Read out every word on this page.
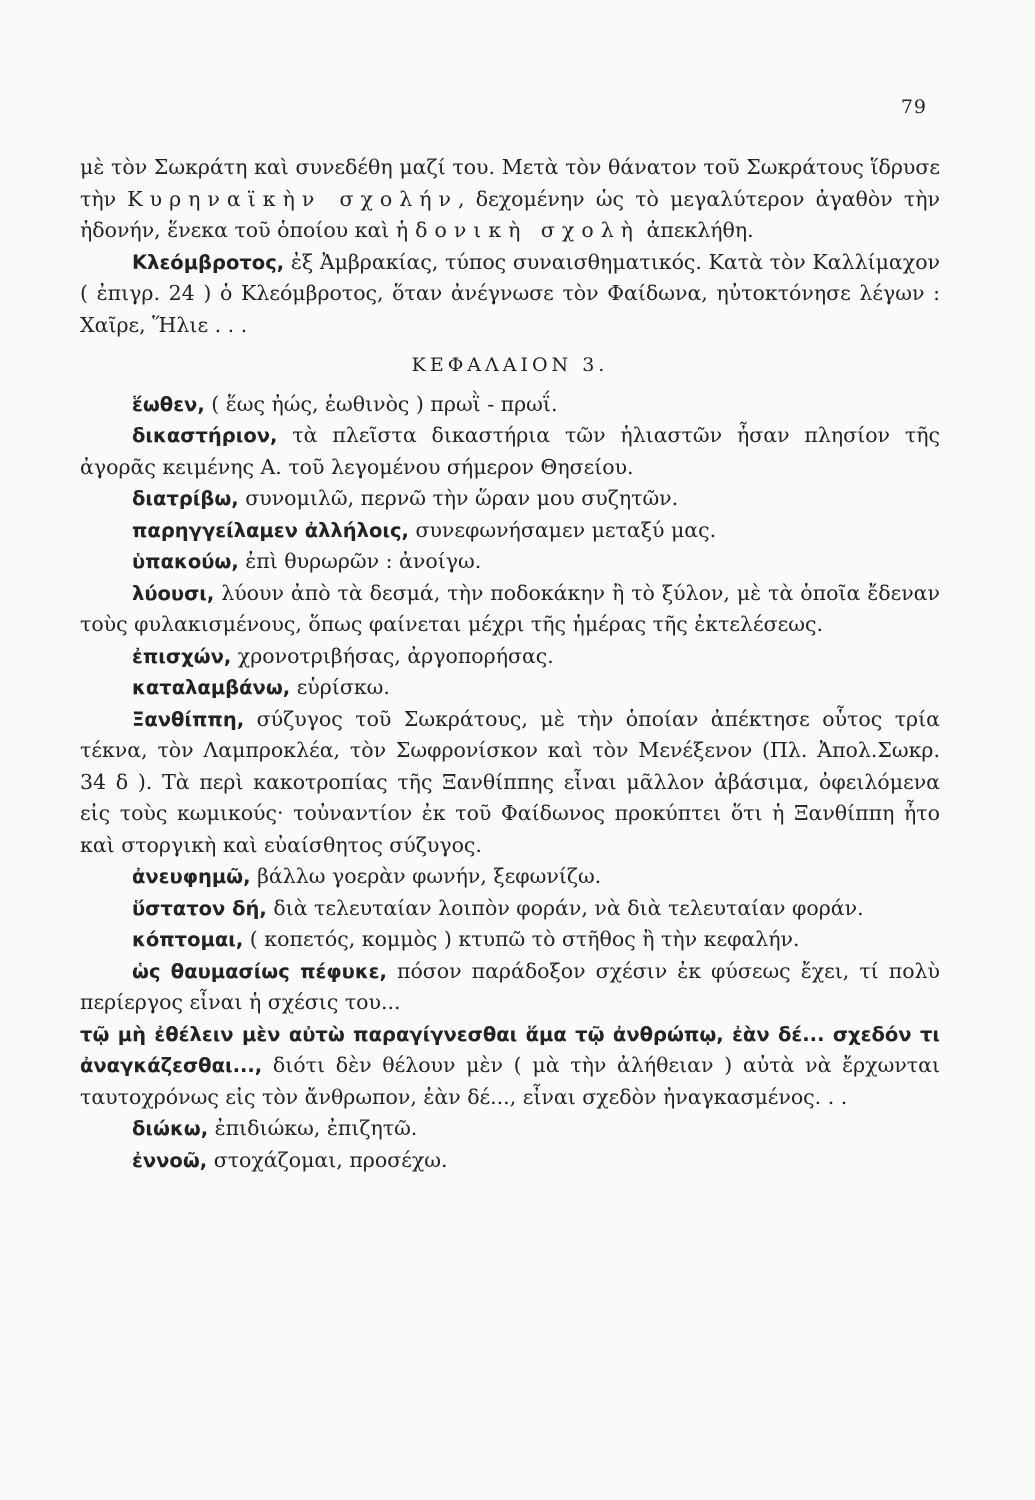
79

μὲ τὸν Σωκράτη καὶ συνεδέθη μαζί του. Μετὰ τὸν θάνατον τοῦ Σωκράτους ἵδρυσε τὴν Κυρηναϊκὴν σχολήν, δεχομένην ὡς τὸ μεγαλύτερον ἀγαθὸν τὴν ἡδονήν, ἕνεκα τοῦ ὁποίου καὶ ἡδονικὴ σχολὴ ἀπεκλήθη.

Κλεόμβροτος, ἐξ Ἀμβρακίας, τύπος συναισθηματικός. Κατὰ τὸν Καλλίμαχον ( ἐπιγρ. 24 ) ὁ Κλεόμβροτος, ὅταν ἀνέγνωσε τὸν Φαίδωνα, ηὐτοκτόνησε λέγων : Χαῖρε, Ἥλιε . . .

ΚΕΦΑΛΑΙΟΝ 3.

ἕωθεν, ( ἕως ἠώς, ἑωθινὸς ) πρωῒ - πρωΐ.

δικαστήριον, τὰ πλεῖστα δικαστήρια τῶν ἡλιαστῶν ἦσαν πλησίον τῆς ἀγορᾶς κειμένης Α. τοῦ λεγομένου σήμερον Θησείου.

διατρίβω, συνομιλῶ, περνῶ τὴν ὥραν μου συζητῶν.

παρηγγείλαμεν ἀλλήλοις, συνεφωνήσαμεν μεταξύ μας.

ὑπακούω, ἐπὶ θυρωρῶν : ἀνοίγω.

λύουσι, λύουν ἀπὸ τὰ δεσμά, τὴν ποδοκάκην ἢ τὸ ξύλον, μὲ τὰ ὁποῖα ἔδεναν τοὺς φυλακισμένους, ὅπως φαίνεται μέχρι τῆς ἡμέρας τῆς ἐκτελέσεως.

ἐπισχών, χρονοτριβήσας, ἀργοπορήσας.

καταλαμβάνω, εὑρίσκω.

Ξανθίππη, σύζυγος τοῦ Σωκράτους, μὲ τὴν ὁποίαν ἀπέκτησε οὗτος τρία τέκνα, τὸν Λαμπροκλέα, τὸν Σωφρονίσκον καὶ τὸν Μενέξενον (Πλ. Ἀπολ.Σωκρ. 34 δ ). Τὰ περὶ κακοτροπίας τῆς Ξανθίππης εἶναι μᾶλλον ἀβάσιμα, ὀφειλόμενα εἰς τοὺς κωμικούς· τοὐναντίον ἐκ τοῦ Φαίδωνος προκύπτει ὅτι ἡ Ξανθίππη ἦτο καὶ στοργικὴ καὶ εὐαίσθητος σύζυγος.

ἀνευφημῶ, βάλλω γοερὰν φωνήν, ξεφωνίζω.

ὕστατον δή, διὰ τελευταίαν λοιπὸν φοράν, νὰ διὰ τελευταίαν φοράν.

κόπτομαι, ( κοπετός, κομμὸς ) κτυπῶ τὸ στῆθος ἢ τὴν κεφαλήν.

ὡς θαυμασίως πέφυκε, πόσον παράδοξον σχέσιν ἐκ φύσεως ἔχει, τί πολὺ περίεργος εἶναι ἡ σχέσις του...

τῷ μὴ ἐθέλειν μὲν αὐτὼ παραγίγνεσθαι ἅμα τῷ ἀνθρώπῳ, ἐὰν δέ... σχεδόν τι ἀναγκάζεσθαι..., διότι δὲν θέλουν μὲν ( μὰ τὴν ἀλήθειαν ) αὐτὰ νὰ ἔρχωνται ταυτοχρόνως εἰς τὸν ἄνθρωπον, ἐὰν δέ..., εἶναι σχεδὸν ἠναγκασμένος. . .

διώκω, ἐπιδιώκω, ἐπιζητῶ.

ἐννοῶ, στοχάζομαι, προσέχω.
